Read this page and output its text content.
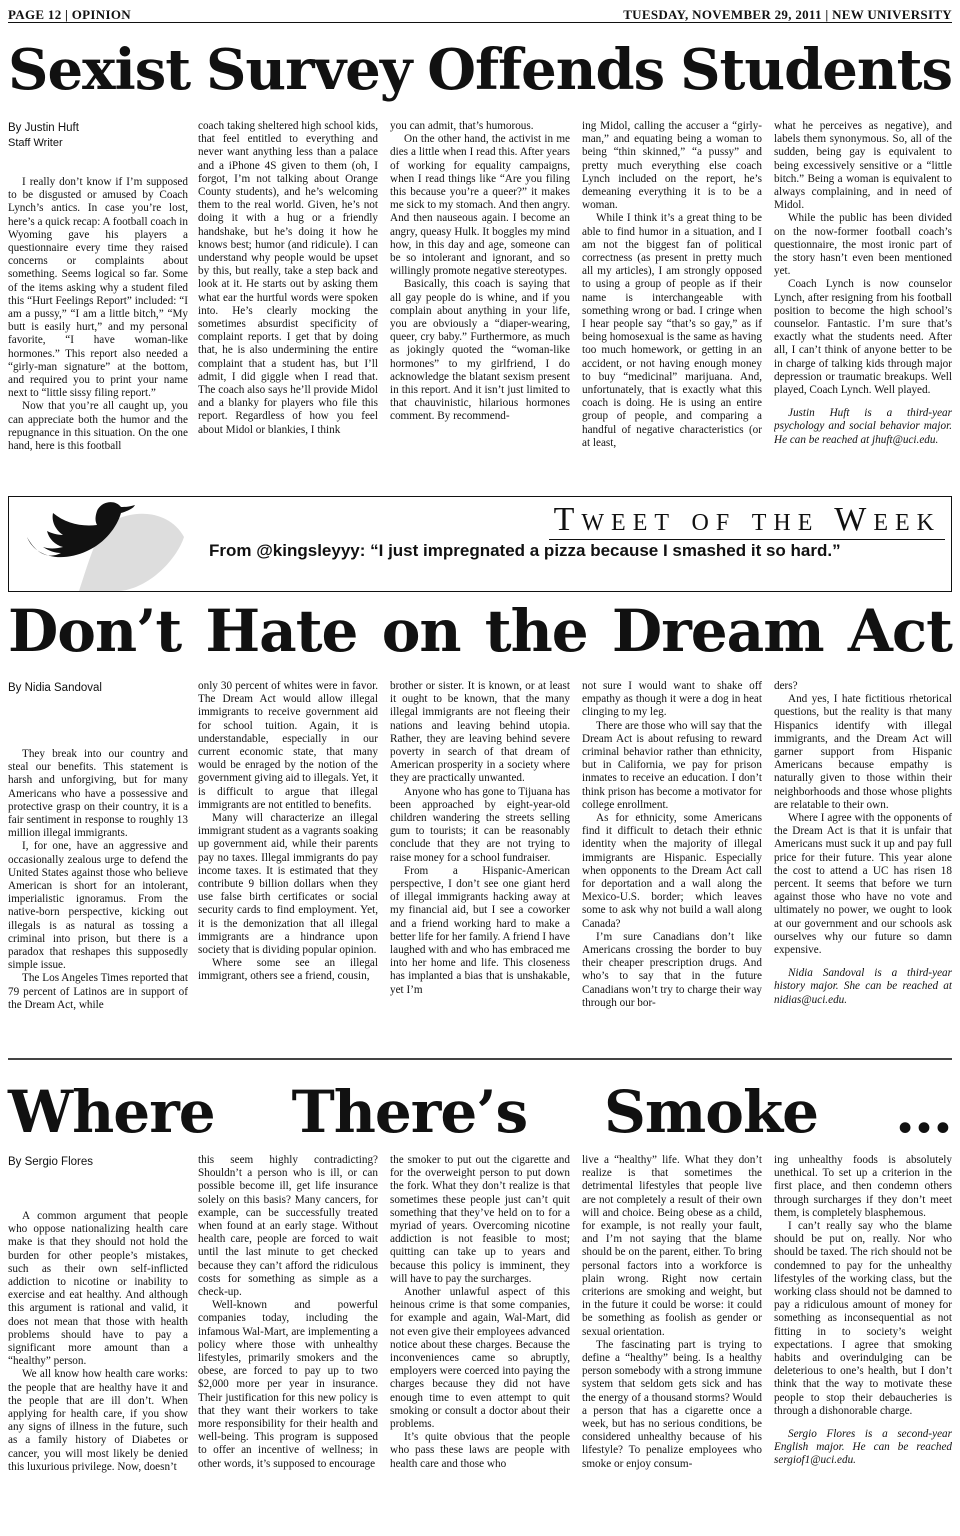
PAGE 12 | OPINION	TUESDAY, NOVEMBER 29, 2011 | NEW UNIVERSITY
Sexist Survey Offends Students

By Justin Huft

Staff Writer

I really don’t know if I’m supposed to be disgusted or amused by Coach Lynch’s antics. In case you’re lost, here’s a quick recap: A football coach in Wyoming gave his players a questionnaire every time they raised concerns or complaints about something. Seems logical so far. Some of the items asking why a student filed this “Hurt Feelings Report” included: “I am a pussy,” “I am a little bitch,” “My butt is easily hurt,” and my personal favorite, “I have woman-like hormones.” This report also needed a “girly-man signature” at the bottom, and required you to print your name next to “little sissy filing report.”

Now that you’re all caught up, you can appreciate both the humor and the repugnance in this situation. On the one hand, here is this football

coach taking sheltered high school kids, that feel entitled to everything and never want anything less than a palace and a iPhone 4S given to them (oh, I forgot, I’m not talking about Orange County students), and he’s welcoming them to the real world. Given, he’s not doing it with a hug or a friendly handshake, but he’s doing it how he knows best; humor (and ridicule). I can understand why people would be upset by this, but really, take a step back and look at it. He starts out by asking them what ear the hurtful words were spoken into. He’s clearly mocking the sometimes absurdist specificity of complaint reports. I get that by doing that, he is also undermining the entire complaint that a student has, but I’ll admit, I did giggle when I read that. The coach also says he’ll provide Midol and a blanky for players who file this report. Regardless of how you feel about Midol or blankies, I think

you can admit, that’s humorous.

On the other hand, the activist in me dies a little when I read this. After years of working for equality campaigns, when I read things like “Are you filing this because you’re a queer?” it makes me sick to my stomach. And then angry. And then nauseous again. I become an angry, queasy Hulk. It boggles my mind how, in this day and age, someone can be so intolerant and ignorant, and so willingly promote negative stereotypes.

Basically, this coach is saying that all gay people do is whine, and if you complain about anything in your life, you are obviously a “diaper-wearing, queer, cry baby.” Furthermore, as much as jokingly quoted the “woman-like hormones” to my girlfriend, I do acknowledge the blatant sexism present in this report. And it isn’t just limited to that chauvinistic, hilarious hormones comment. By recommend-

ing Midol, calling the accuser a “girly-man,” and equating being a woman to being “thin skinned,” “a pussy” and pretty much everything else coach Lynch included on the report, he’s demeaning everything it is to be a woman.

While I think it’s a great thing to be able to find humor in a situation, and I am not the biggest fan of political correctness (as present in pretty much all my articles), I am strongly opposed to using a group of people as if their name is interchangeable with something wrong or bad. I cringe when I hear people say “that’s so gay,” as if being homosexual is the same as having too much homework, or getting in an accident, or not having enough money to buy “medicinal” marijuana. And, unfortunately, that is exactly what this coach is doing. He is using an entire group of people, and comparing a handful of negative characteristics (or at least,

what he perceives as negative), and labels them synonymous. So, all of the sudden, being gay is equivalent to being excessively sensitive or a “little bitch.” Being a woman is equivalent to always complaining, and in need of Midol.

While the public has been divided on the now-former football coach’s questionnaire, the most ironic part of the story hasn’t even been mentioned yet.

Coach Lynch is now counselor Lynch, after resigning from his football position to become the high school’s counselor. Fantastic. I’m sure that’s exactly what the students need. After all, I can’t think of anyone better to be in charge of talking kids through major depression or traumatic breakups. Well played, Coach Lynch. Well played.

Justin Huft is a third-year psychology and social behavior major. He can be reached at jhuft@uci.edu.

Tweet of the Week
From @kingsleyyy: “I just impregnated a pizza because I smashed it so hard.”
Don’t Hate on the Dream Act

By Nidia Sandoval

They break into our country and steal our benefits. This statement is harsh and unforgiving, but for many Americans who have a possessive and protective grasp on their country, it is a fair sentiment in response to roughly 13 million illegal immigrants.

I, for one, have an aggressive and occasionally zealous urge to defend the United States against those who believe American is short for an intolerant, imperialistic ignoramus. From the native-born perspective, kicking out illegals is as natural as tossing a criminal into prison, but there is a paradox that reshapes this supposedly simple issue.

The Los Angeles Times reported that 79 percent of Latinos are in support of the Dream Act, while

only 30 percent of whites were in favor. The Dream Act would allow illegal immigrants to receive government aid for school tuition. Again, it is understandable, especially in our current economic state, that many would be enraged by the notion of the government giving aid to illegals. Yet, it is difficult to argue that illegal immigrants are not entitled to benefits.

Many will characterize an illegal immigrant student as a vagrants soaking up government aid, while their parents pay no taxes. Illegal immigrants do pay income taxes. It is estimated that they contribute 9 billion dollars when they use false birth certificates or social security cards to find employment. Yet, it is the demonization that all illegal immigrants are a hindrance upon society that is dividing popular opinion.

Where some see an illegal immigrant, others see a friend, cousin,

brother or sister. It is known, or at least it ought to be known, that the many illegal immigrants are not fleeing their nations and leaving behind utopia. Rather, they are leaving behind severe poverty in search of that dream of American prosperity in a society where they are practically unwanted.

Anyone who has gone to Tijuana has been approached by eight-year-old children wandering the streets selling gum to tourists; it can be reasonably conclude that they are not trying to raise money for a school fundraiser.

From a Hispanic-American perspective, I don’t see one giant herd of illegal immigrants hacking away at my financial aid, but I see a coworker and a friend working hard to make a better life for her family. A friend I have laughed with and who has embraced me into her home and life. This closeness has implanted a bias that is unshakable, yet I’m

not sure I would want to shake off empathy as though it were a dog in heat clinging to my leg.

There are those who will say that the Dream Act is about refusing to reward criminal behavior rather than ethnicity, but in California, we pay for prison inmates to receive an education. I don’t think prison has become a motivator for college enrollment.

As for ethnicity, some Americans find it difficult to detach their ethnic identity when the majority of illegal immigrants are Hispanic. Especially when opponents to the Dream Act call for deportation and a wall along the Mexico-U.S. border; which leaves some to ask why not build a wall along Canada?

I’m sure Canadians don’t like Americans crossing the border to buy their cheaper prescription drugs. And who’s to say that in the future Canadians won’t try to charge their way through our bor-

ders?

And yes, I hate fictitious rhetorical questions, but the reality is that many Hispanics identify with illegal immigrants, and the Dream Act will garner support from Hispanic Americans because empathy is naturally given to those within their neighborhoods and those whose plights are relatable to their own.

Where I agree with the opponents of the Dream Act is that it is unfair that Americans must suck it up and pay full price for their future. This year alone the cost to attend a UC has risen 18 percent. It seems that before we turn against those who have no vote and ultimately no power, we ought to look at our government and our schools ask ourselves why our future so damn expensive.

Nidia Sandoval is a third-year history major. She can be reached at nidias@uci.edu.

Where There’s Smoke …

By Sergio Flores

A common argument that people who oppose nationalizing health care make is that they should not hold the burden for other people’s mistakes, such as their own self-inflicted addiction to nicotine or inability to exercise and eat healthy. And although this argument is rational and valid, it does not mean that those with health problems should have to pay a significant more amount than a “healthy” person.

We all know how health care works: the people that are healthy have it and the people that are ill don’t. When applying for health care, if you show any signs of illness in the future, such as a family history of Diabetes or cancer, you will most likely be denied this luxurious privilege. Now, doesn’t

this seem highly contradicting? Shouldn’t a person who is ill, or can possible become ill, get life insurance solely on this basis? Many cancers, for example, can be successfully treated when found at an early stage. Without health care, people are forced to wait until the last minute to get checked because they can’t afford the ridiculous costs for something as simple as a check-up.

Well-known and powerful companies today, including the infamous Wal-Mart, are implementing a policy where those with unhealthy lifestyles, primarily smokers and the obese, are forced to pay up to two $2,000 more per year in insurance. Their justification for this new policy is that they want their workers to take more responsibility for their health and well-being. This program is supposed to offer an incentive of wellness; in other words, it’s supposed to encourage

the smoker to put out the cigarette and for the overweight person to put down the fork. What they don’t realize is that sometimes these people just can’t quit something that they’ve held on to for a myriad of years. Overcoming nicotine addiction is not feasible to most; quitting can take up to years and because this policy is imminent, they will have to pay the surcharges.

Another unlawful aspect of this heinous crime is that some companies, for example and again, Wal-Mart, did not even give their employees advanced notice about these charges. Because the inconveniences came so abruptly, employers were coerced into paying the charges because they did not have enough time to even attempt to quit smoking or consult a doctor about their problems.

It’s quite obvious that the people who pass these laws are people with health care and those who

live a “healthy” life. What they don’t realize is that sometimes the detrimental lifestyles that people live are not completely a result of their own will and choice. Being obese as a child, for example, is not really your fault, and I’m not saying that the blame should be on the parent, either. To bring personal factors into a workforce is plain wrong. Right now certain criterions are smoking and weight, but in the future it could be worse: it could be something as foolish as gender or sexual orientation.

The fascinating part is trying to define a “healthy” being. Is a healthy person somebody with a strong immune system that seldom gets sick and has the energy of a thousand storms? Would a person that has a cigarette once a week, but has no serious conditions, be considered unhealthy because of his lifestyle? To penalize employees who smoke or enjoy consum-

ing unhealthy foods is absolutely unethical. To set up a criterion in the first place, and then condemn others through surcharges if they don’t meet them, is completely blasphemous.

I can’t really say who the blame should be put on, really. Nor who should be taxed. The rich should not be condemned to pay for the unhealthy lifestyles of the working class, but the working class should not be damned to pay a ridiculous amount of money for something as inconsequential as not fitting in to society’s weight expectations. I agree that smoking habits and overindulging can be deleterious to one’s health, but I don’t think that the way to motivate these people to stop their debaucheries is through a dishonorable charge.

Sergio Flores is a second-year English major. He can be reached sergiof1@uci.edu.
